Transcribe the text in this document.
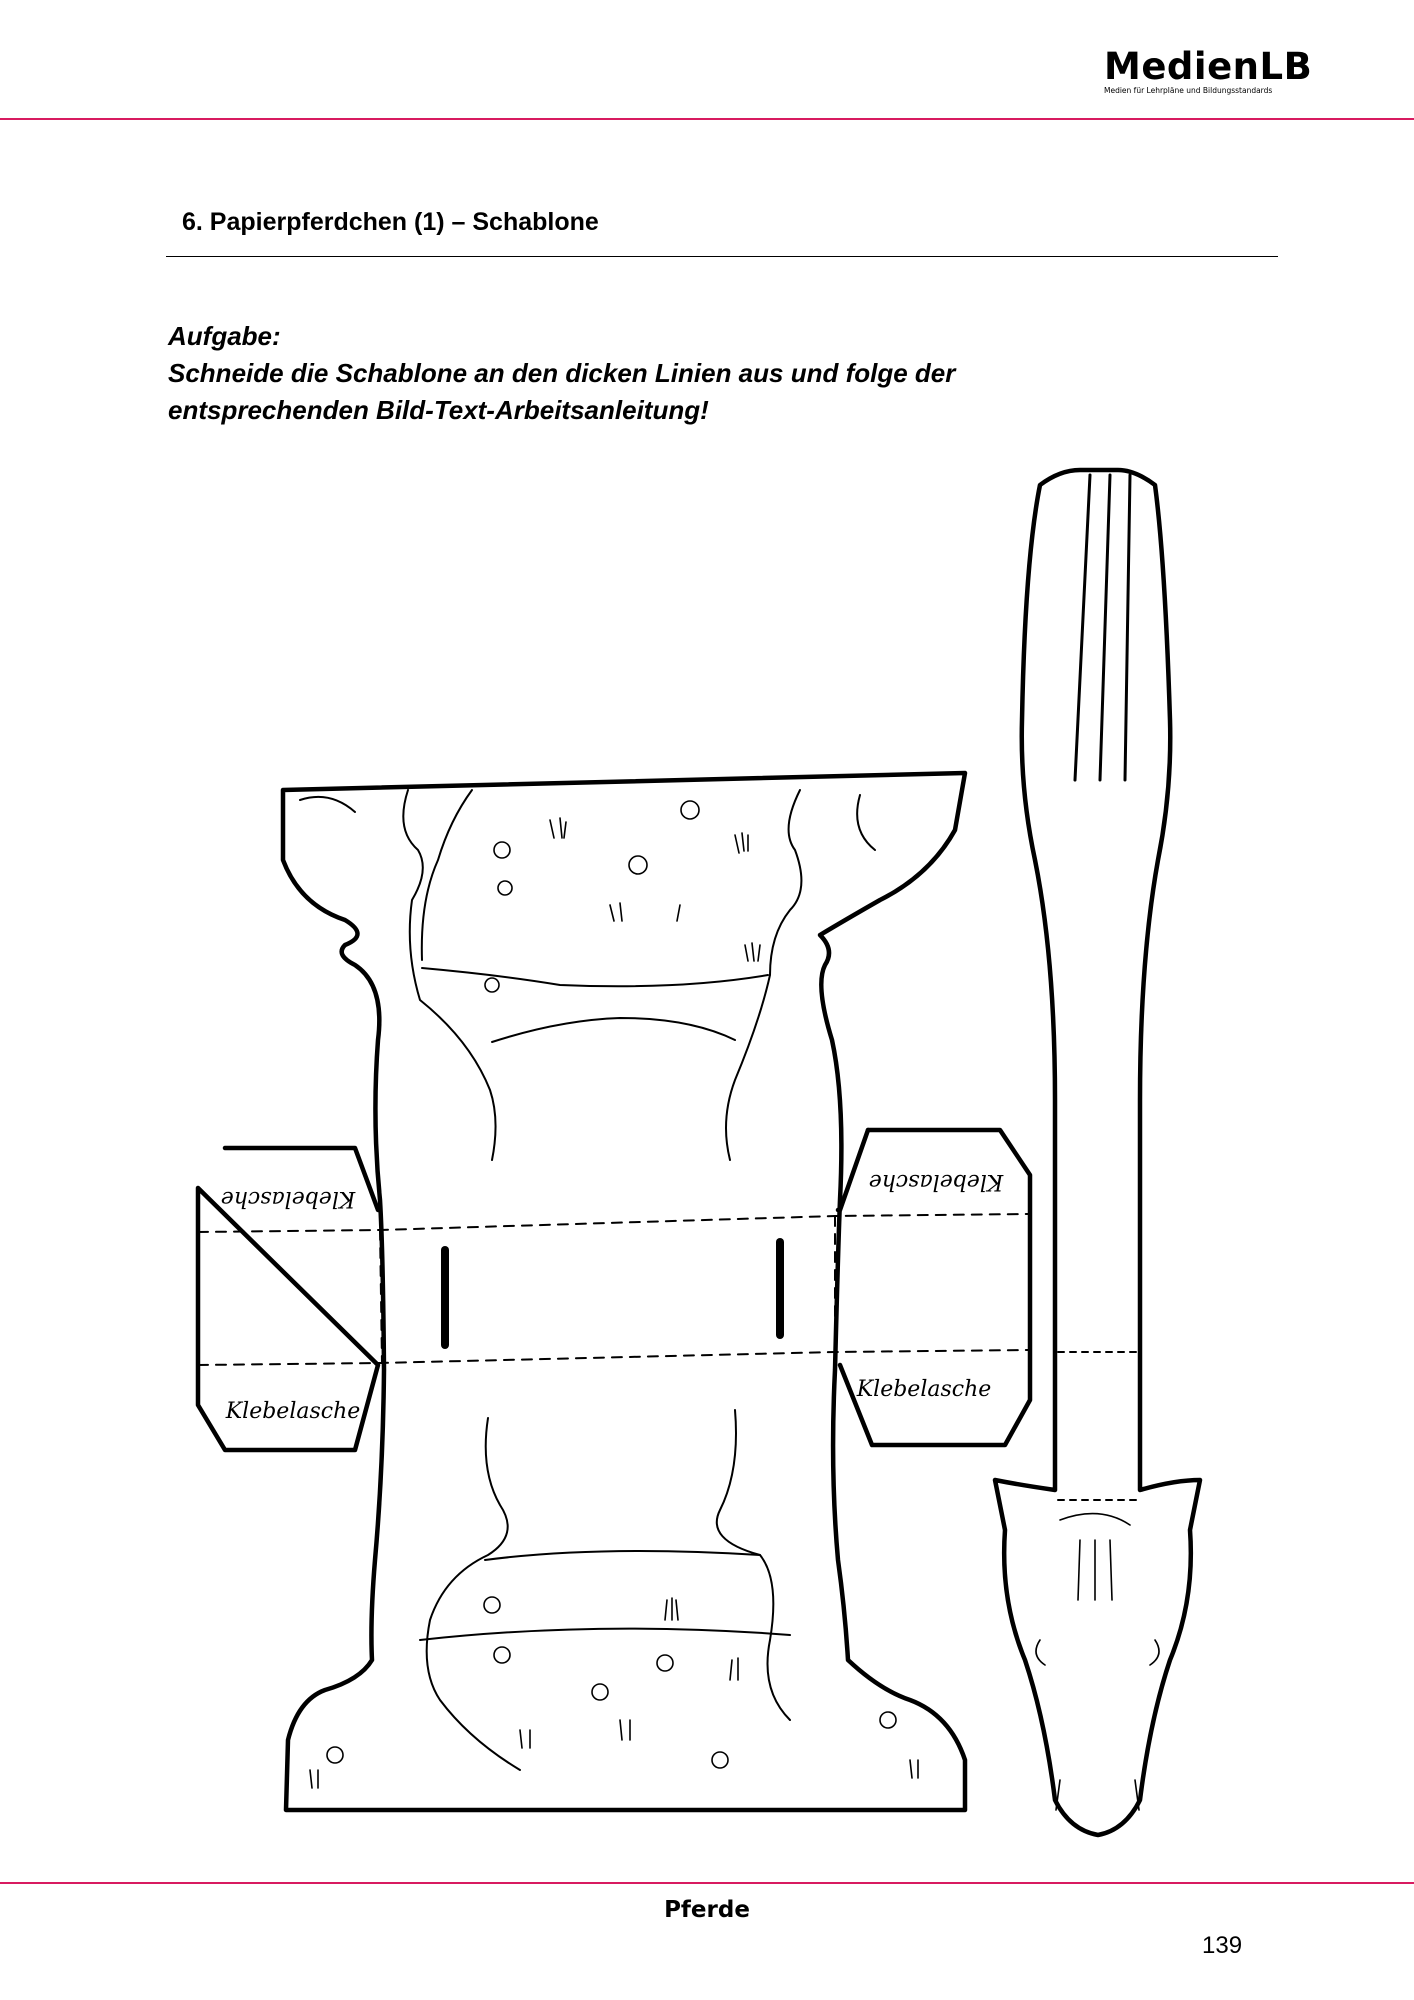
MedienLB
Medien für Lehrpläne und Bildungsstandards
6. Papierpferdchen (1) – Schablone
Aufgabe:
Schneide die Schablone an den dicken Linien aus und folge der
entsprechenden Bild-Text-Arbeitsanleitung!
Klebelasche
Klebelasche
Klebelasche
Klebelasche
Pferde
139
